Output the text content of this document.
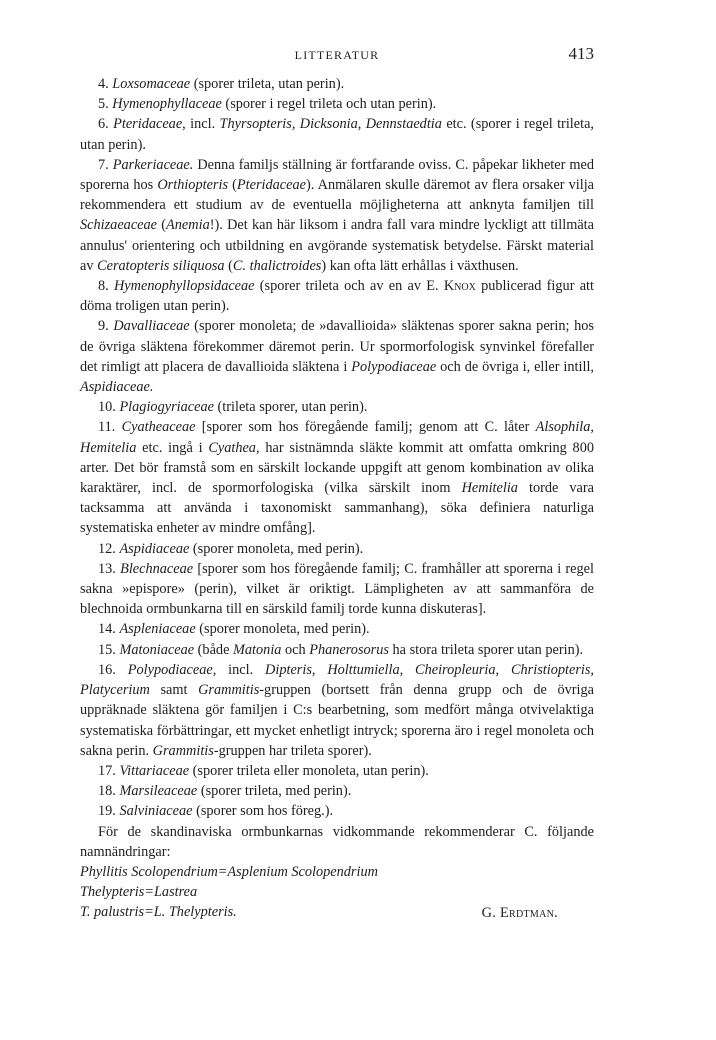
LITTERATUR	413

4. Loxsomaceae (sporer trileta, utan perin).

5. Hymenophyllaceae (sporer i regel trileta och utan perin).

6. Pteridaceae, incl. Thyrsopteris, Dicksonia, Dennstaedtia etc. (sporer i regel trileta, utan perin).

7. Parkeriaceae. Denna familjs ställning är fortfarande oviss. C. påpekar likheter med sporerna hos Orthiopteris (Pteridaceae). Anmälaren skulle däremot av flera orsaker vilja rekommendera ett studium av de eventuella möjligheterna att anknyta familjen till Schizaeaceae (Anemia!). Det kan här liksom i andra fall vara mindre lyckligt att tillmäta annulus' orientering och utbildning en avgörande systematisk betydelse. Färskt material av Ceratopteris siliquosa (C. thalictroides) kan ofta lätt erhållas i växthusen.

8. Hymenophyllopsidaceae (sporer trileta och av en av E. Knox publicerad figur att döma troligen utan perin).

9. Davalliaceae (sporer monoleta; de »davallioida» släktenas sporer sakna perin; hos de övriga släktena förekommer däremot perin. Ur spormorfologisk synvinkel förefaller det rimligt att placera de davallioida släktena i Polypodiaceae och de övriga i, eller intill, Aspidiaceae.

10. Plagiogyriaceae (trileta sporer, utan perin).

11. Cyatheaceae [sporer som hos föregående familj; genom att C. låter Alsophila, Hemitelia etc. ingå i Cyathea, har sistnämnda släkte kommit att omfatta omkring 800 arter. Det bör framstå som en särskilt lockande uppgift att genom kombination av olika karaktärer, incl. de spormorfologiska (vilka särskilt inom Hemitelia torde vara tacksamma att använda i taxonomiskt sammanhang), söka definiera naturliga systematiska enheter av mindre omfång].

12. Aspidiaceae (sporer monoleta, med perin).

13. Blechnaceae [sporer som hos föregående familj; C. framhåller att sporerna i regel sakna »epispore» (perin), vilket är oriktigt. Lämpligheten av att sammanföra de blechnoida ormbunkarna till en särskild familj torde kunna diskuteras].

14. Aspleniaceae (sporer monoleta, med perin).

15. Matoniaceae (både Matonia och Phanerosorus ha stora trileta sporer utan perin).

16. Polypodiaceae, incl. Dipteris, Holttumiella, Cheiropleuria, Christiopteris, Platycerium samt Grammitis-gruppen (bortsett från denna grupp och de övriga uppräknade släktena gör familjen i C:s bearbetning, som medfört många otvivelaktiga systematiska förbättringar, ett mycket enhetligt intryck; sporerna äro i regel monoleta och sakna perin. Grammitis-gruppen har trileta sporer).

17. Vittariaceae (sporer trileta eller monoleta, utan perin).

18. Marsileaceae (sporer trileta, med perin).

19. Salviniaceae (sporer som hos föreg.).

För de skandinaviska ormbunkarnas vidkommande rekommenderar C. följande namnändringar:

Phyllitis Scolopendrium=Asplenium Scolopendrium
Thelypteris=Lastrea
T. palustris=L. Thelypteris.	G. Erdtman.
